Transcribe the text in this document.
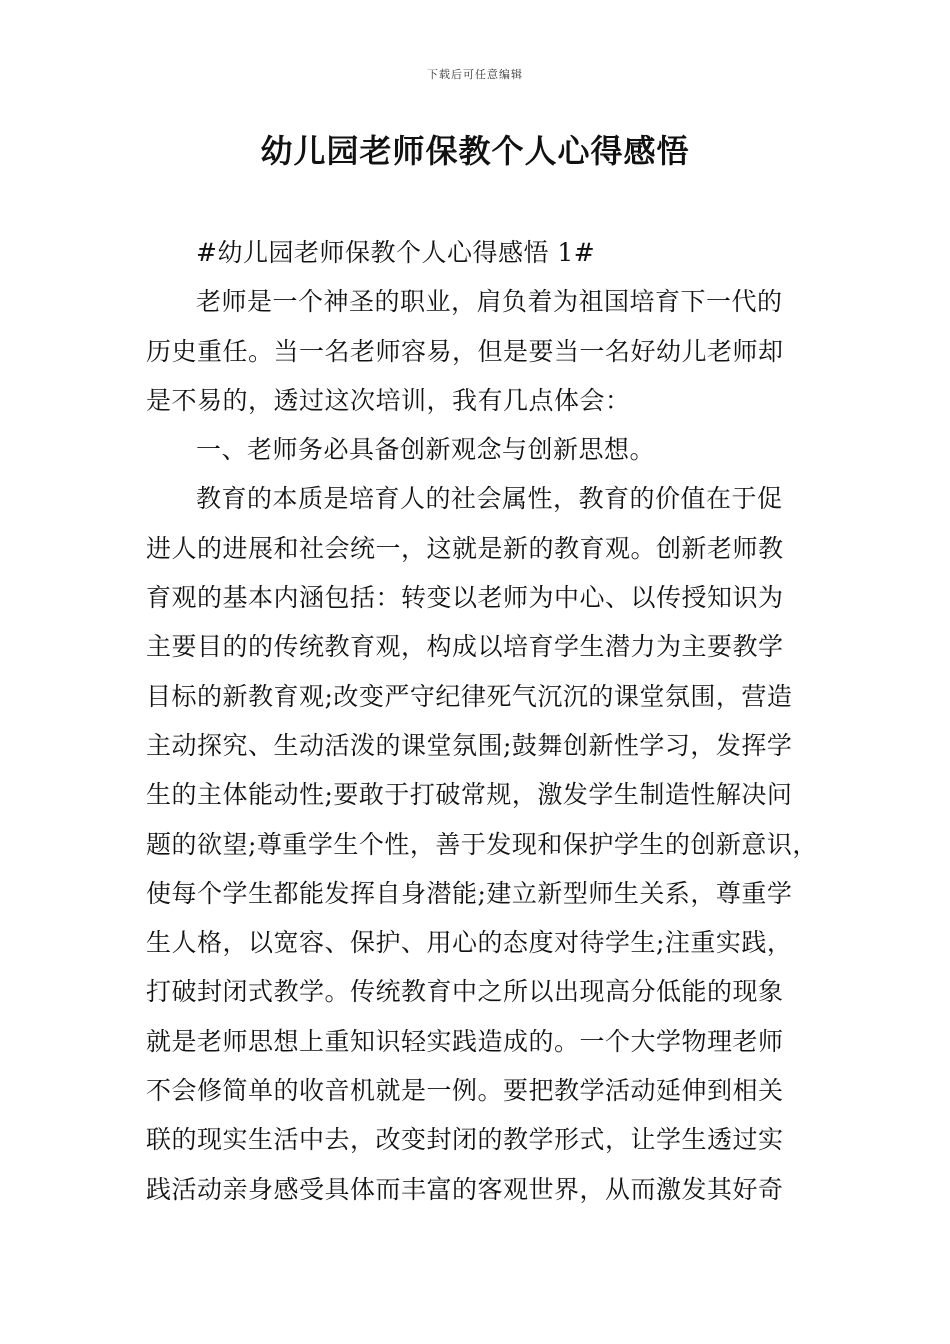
下载后可任意编辑
幼儿园老师保教个人心得感悟
#幼儿园老师保教个人心得感悟 1#
老师是一个神圣的职业，肩负着为祖国培育下一代的
历史重任。当一名老师容易，但是要当一名好幼儿老师却
是不易的，透过这次培训，我有几点体会：
一、老师务必具备创新观念与创新思想。
教育的本质是培育人的社会属性，教育的价值在于促
进人的进展和社会统一，这就是新的教育观。创新老师教
育观的基本内涵包括：转变以老师为中心、以传授知识为
主要目的的传统教育观，构成以培育学生潜力为主要教学
目标的新教育观;改变严守纪律死气沉沉的课堂氛围，营造
主动探究、生动活泼的课堂氛围;鼓舞创新性学习，发挥学
生的主体能动性;要敢于打破常规，激发学生制造性解决问
题的欲望;尊重学生个性，善于发现和保护学生的创新意识，
使每个学生都能发挥自身潜能;建立新型师生关系，尊重学
生人格，以宽容、保护、用心的态度对待学生;注重实践，
打破封闭式教学。传统教育中之所以出现高分低能的现象
就是老师思想上重知识轻实践造成的。一个大学物理老师
不会修简单的收音机就是一例。要把教学活动延伸到相关
联的现实生活中去，改变封闭的教学形式，让学生透过实
践活动亲身感受具体而丰富的客观世界，从而激发其好奇
